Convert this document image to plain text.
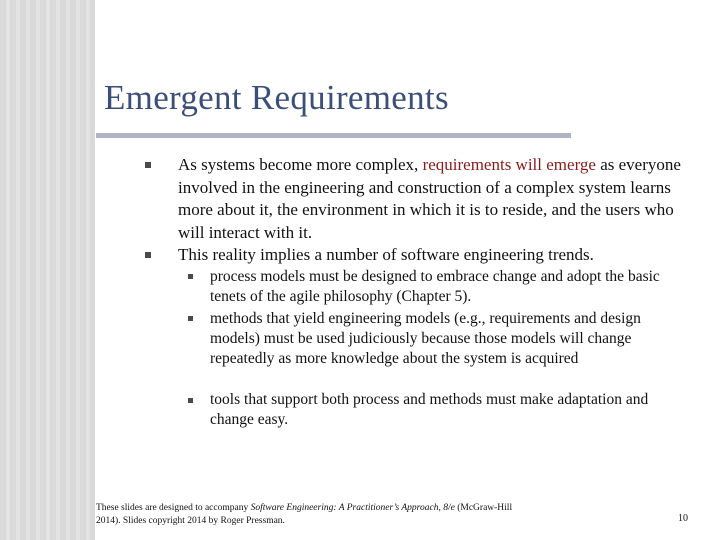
Emergent Requirements
As systems become more complex, requirements will emerge as everyone involved in the engineering and construction of a complex system learns more about it, the environment in which it is to reside, and the users who will interact with it.
This reality implies a number of software engineering trends.
process models must be designed to embrace change and adopt the basic tenets of the agile philosophy (Chapter 5).
methods that yield engineering models (e.g., requirements and design models) must be used judiciously because those models will change repeatedly as more knowledge about the system is acquired
tools that support both process and methods must make adaptation and change easy.
These slides are designed to accompany Software Engineering: A Practitioner’s Approach, 8/e (McGraw-Hill 2014). Slides copyright 2014 by Roger Pressman.	10
